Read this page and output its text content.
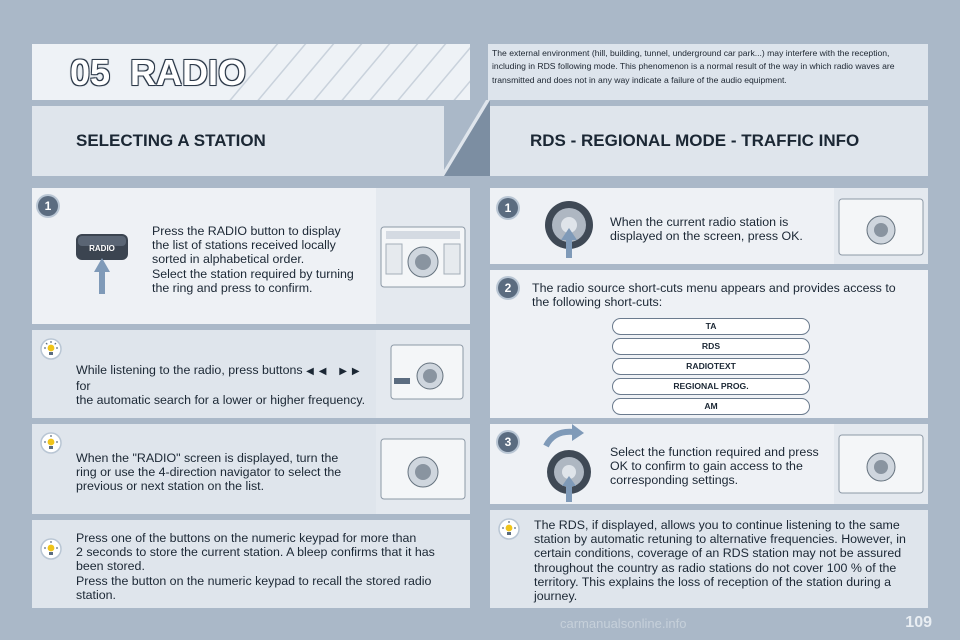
05 RADIO	The external environment (hill, building, tunnel, underground car park...) may interfere with the reception, including in RDS following mode. This phenomenon is a normal result of the way in which radio waves are transmitted and does not in any way indicate a failure of the audio equipment.

SELECTING A STATION	RDS - REGIONAL MODE - TRAFFIC INFO
1
RADIO

Press the RADIO button to display

the list of stations received locally

sorted in alphabetical order.

Select the station required by turning

the ring and press to confirm.

While listening to the radio, press buttons ◀◀ ▶▶ for

the automatic search for a lower or higher frequency.

When the "RADIO" screen is displayed, turn the

ring or use the 4-direction navigator to select the

previous or next station on the list.

Press one of the buttons on the numeric keypad for more than

2 seconds to store the current station. A bleep confirms that it has

been stored.

Press the button on the numeric keypad to recall the stored radio

station.

1

When the current radio station is

displayed on the screen, press OK.

2	The radio source short-cuts menu appears and provides access to

the following short-cuts:

TA
RDS
RADIOTEXT
REGIONAL PROG.
AM
3

Select the function required and press

OK to confirm to gain access to the

corresponding settings.

The RDS, if displayed, allows you to continue listening to the same

station by automatic retuning to alternative frequencies. However, in

certain conditions, coverage of an RDS station may not be assured

throughout the country as radio stations do not cover 100 % of the

territory. This explains the loss of reception of the station during a

journey.

carmanualsonline.info	109
